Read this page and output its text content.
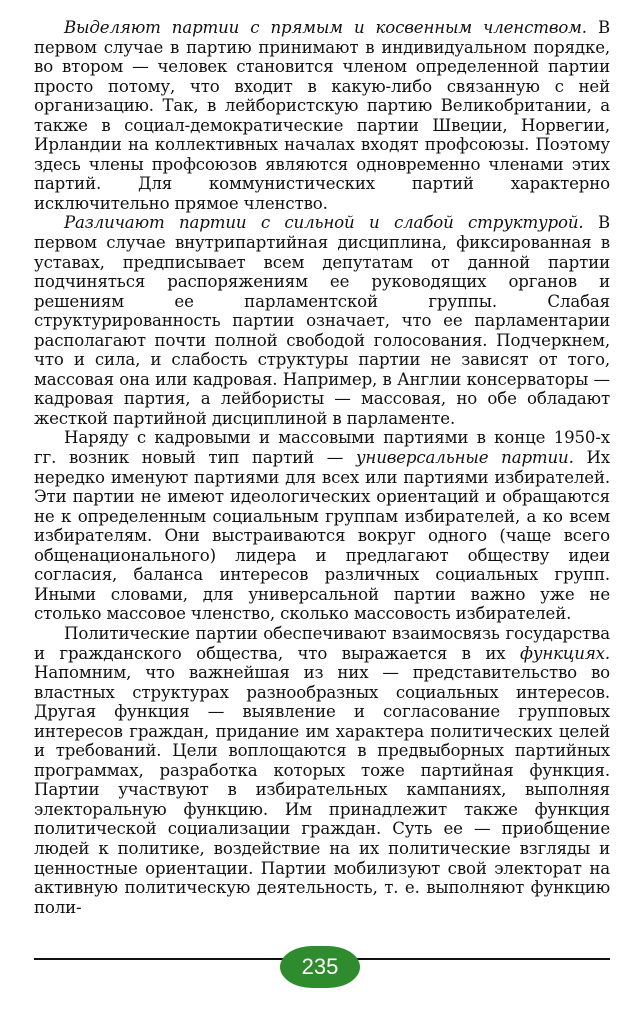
Выделяют партии с прямым и косвенным членством. В первом случае в партию принимают в индивидуальном порядке, во втором — человек становится членом определенной партии просто потому, что входит в какую-либо связанную с ней организацию. Так, в лейбористскую партию Великобритании, а также в социал-демократические партии Швеции, Норвегии, Ирландии на коллективных началах входят профсоюзы. Поэтому здесь члены профсоюзов являются одновременно членами этих партий. Для коммунистических партий характерно исключительно прямое членство.

Различают партии с сильной и слабой структурой. В первом случае внутрипартийная дисциплина, фиксированная в уставах, предписывает всем депутатам от данной партии подчиняться распоряжениям ее руководящих органов и решениям ее парламентской группы. Слабая структурированность партии означает, что ее парламентарии располагают почти полной свободой голосования. Подчеркнем, что и сила, и слабость структуры партии не зависят от того, массовая она или кадровая. Например, в Англии консерваторы — кадровая партия, а лейбористы — массовая, но обе обладают жесткой партийной дисциплиной в парламенте.

Наряду с кадровыми и массовыми партиями в конце 1950-х гг. возник новый тип партий — универсальные партии. Их нередко именуют партиями для всех или партиями избирателей. Эти партии не имеют идеологических ориентаций и обращаются не к определенным социальным группам избирателей, а ко всем избирателям. Они выстраиваются вокруг одного (чаще всего общенационального) лидера и предлагают обществу идеи согласия, баланса интересов различных социальных групп. Иными словами, для универсальной партии важно уже не столько массовое членство, сколько массовость избирателей.

Политические партии обеспечивают взаимосвязь государства и гражданского общества, что выражается в их функциях. Напомним, что важнейшая из них — представительство во властных структурах разнообразных социальных интересов. Другая функция — выявление и согласование групповых интересов граждан, придание им характера политических целей и требований. Цели воплощаются в предвыборных партийных программах, разработка которых тоже партийная функция. Партии участвуют в избирательных кампаниях, выполняя электоральную функцию. Им принадлежит также функция политической социализации граждан. Суть ее — приобщение людей к политике, воздействие на их политические взгляды и ценностные ориентации. Партии мобилизуют свой электорат на активную политическую деятельность, т. е. выполняют функцию поли-

235
